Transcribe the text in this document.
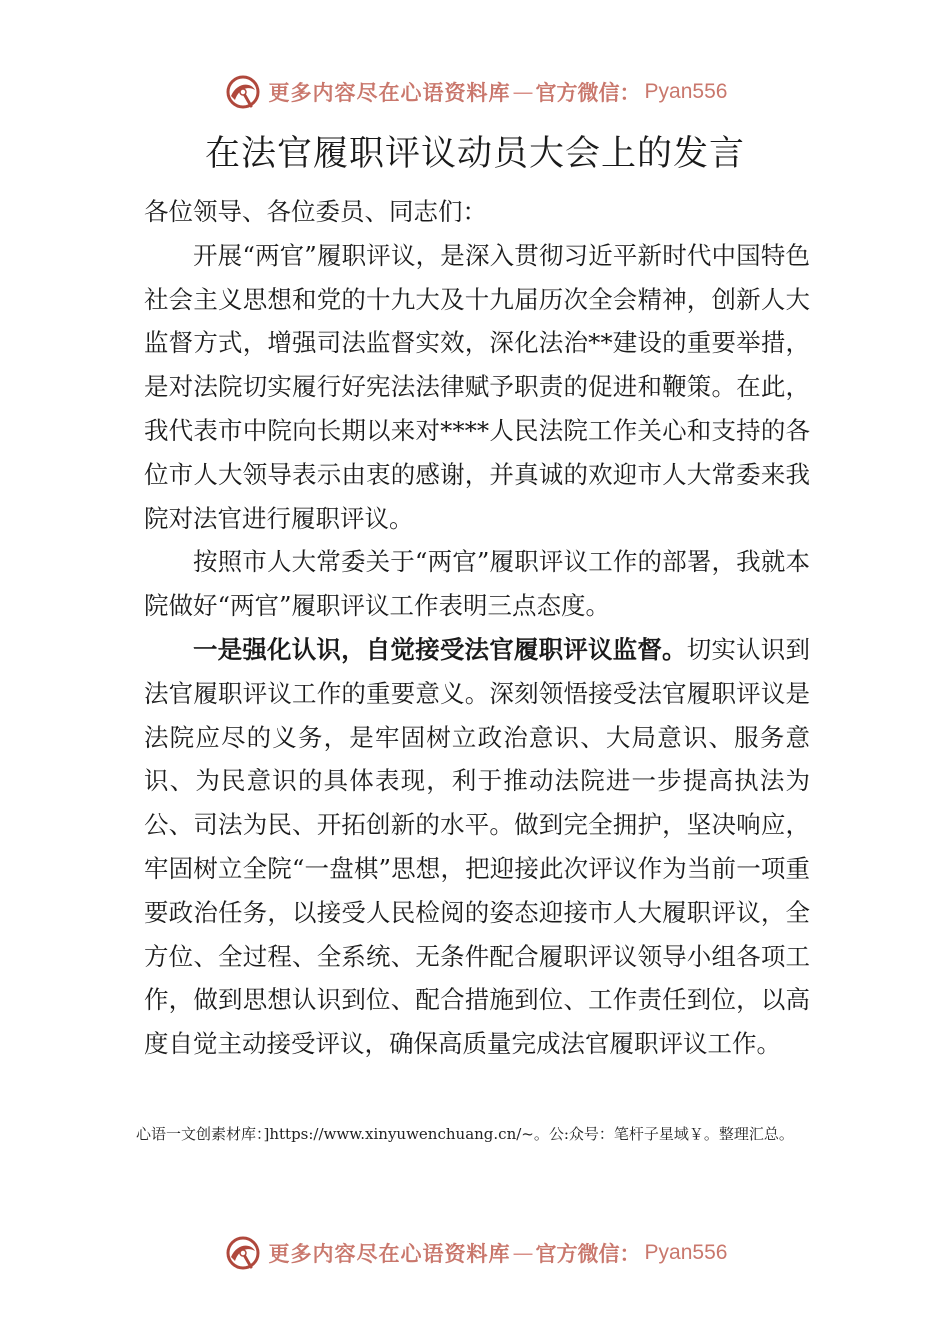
更多内容尽在心语资料库 — 官方微信： Pyan556
在法官履职评议动员大会上的发言

各位领导、各位委员、同志们：

开展“两官”履职评议，是深入贯彻习近平新时代中国特色社会主义思想和党的十九大及十九届历次全会精神，创新人大监督方式，增强司法监督实效，深化法治**建设的重要举措，是对法院切实履行好宪法法律赋予职责的促进和鞭策。在此，我代表市中院向长期以来对****人民法院工作关心和支持的各位市人大领导表示由衷的感谢，并真诚的欢迎市人大常委来我院对法官进行履职评议。

按照市人大常委关于“两官”履职评议工作的部署，我就本院做好“两官”履职评议工作表明三点态度。

一是强化认识，自觉接受法官履职评议监督。切实认识到法官履职评议工作的重要意义。深刻领悟接受法官履职评议是法院应尽的义务，是牢固树立政治意识、大局意识、服务意识、为民意识的具体表现，利于推动法院进一步提高执法为公、司法为民、开拓创新的水平。做到完全拥护，坚决响应，牢固树立全院“一盘棋”思想，把迎接此次评议作为当前一项重要政治任务，以接受人民检阅的姿态迎接市人大履职评议，全方位、全过程、全系统、无条件配合履职评议领导小组各项工作，做到思想认识到位、配合措施到位、工作责任到位，以高度自觉主动接受评议，确保高质量完成法官履职评议工作。

心语一文创素材库：]https://www.xinyuwenchuang.cn/~。公:众号：笔杆子星域￥。整理汇总。

更多内容尽在心语资料库 — 官方微信： Pyan556
